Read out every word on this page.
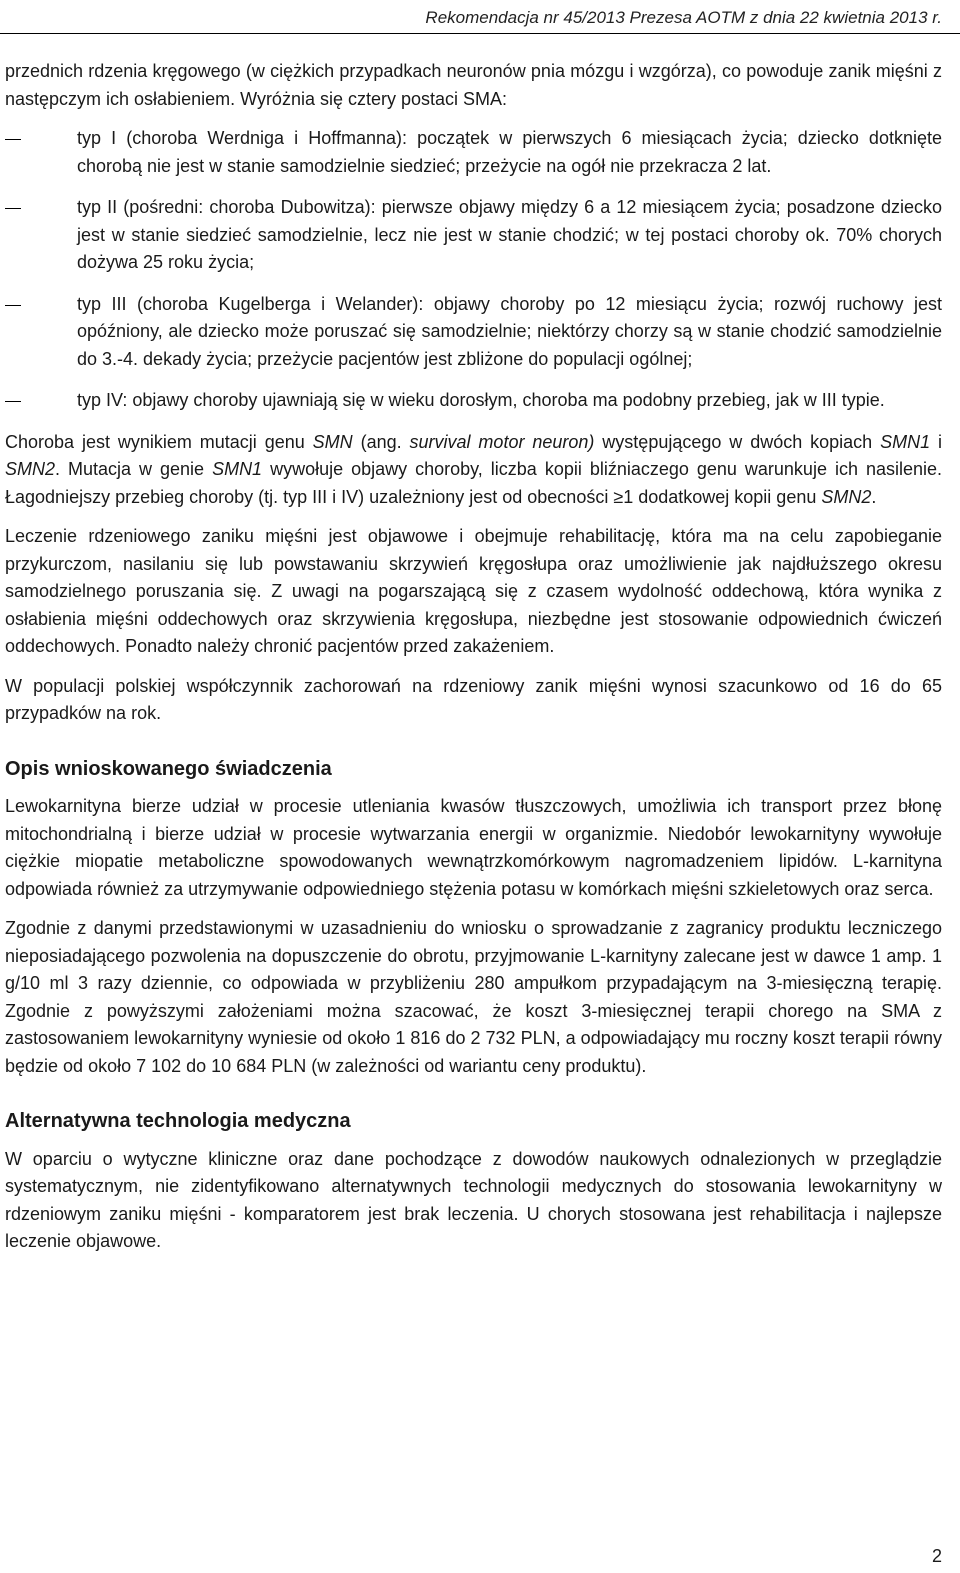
Rekomendacja nr 45/2013 Prezesa AOTM z dnia 22 kwietnia 2013 r.

przednich rdzenia kręgowego (w ciężkich przypadkach neuronów pnia mózgu i wzgórza), co powoduje zanik mięśni z następczym ich osłabieniem. Wyróżnia się cztery postaci SMA:

typ I (choroba Werdniga i Hoffmanna): początek w pierwszych 6 miesiącach życia; dziecko dotknięte chorobą nie jest w stanie samodzielnie siedzieć; przeżycie na ogół nie przekracza 2 lat.
typ II (pośredni: choroba Dubowitza): pierwsze objawy między 6 a 12 miesiącem życia; posadzone dziecko jest w stanie siedzieć samodzielnie, lecz nie jest w stanie chodzić; w tej postaci choroby ok. 70% chorych dożywa 25 roku życia;
typ III (choroba Kugelberga i Welander): objawy choroby po 12 miesiącu życia; rozwój ruchowy jest opóźniony, ale dziecko może poruszać się samodzielnie; niektórzy chorzy są w stanie chodzić samodzielnie do 3.-4. dekady życia; przeżycie pacjentów jest zbliżone do populacji ogólnej;
typ IV: objawy choroby ujawniają się w wieku dorosłym, choroba ma podobny przebieg, jak w III typie.

Choroba jest wynikiem mutacji genu SMN (ang. survival motor neuron) występującego w dwóch kopiach SMN1 i SMN2. Mutacja w genie SMN1 wywołuje objawy choroby, liczba kopii bliźniaczego genu warunkuje ich nasilenie. Łagodniejszy przebieg choroby (tj. typ III i IV) uzależniony jest od obecności ≥1 dodatkowej kopii genu SMN2.

Leczenie rdzeniowego zaniku mięśni jest objawowe i obejmuje rehabilitację, która ma na celu zapobieganie przykurczom, nasilaniu się lub powstawaniu skrzywień kręgosłupa oraz umożliwienie jak najdłuższego okresu samodzielnego poruszania się. Z uwagi na pogarszającą się z czasem wydolność oddechową, która wynika z osłabienia mięśni oddechowych oraz skrzywienia kręgosłupa, niezbędne jest stosowanie odpowiednich ćwiczeń oddechowych. Ponadto należy chronić pacjentów przed zakażeniem.

W populacji polskiej współczynnik zachorowań na rdzeniowy zanik mięśni wynosi szacunkowo od 16 do 65 przypadków na rok.

Opis wnioskowanego świadczenia

Lewokarnityna bierze udział w procesie utleniania kwasów tłuszczowych, umożliwia ich transport przez błonę mitochondrialną i bierze udział w procesie wytwarzania energii w organizmie. Niedobór lewokarnityny wywołuje ciężkie miopatie metaboliczne spowodowanych wewnątrzkomórkowym nagromadzeniem lipidów. L-karnityna odpowiada również za utrzymywanie odpowiedniego stężenia potasu w komórkach mięśni szkieletowych oraz serca.

Zgodnie z danymi przedstawionymi w uzasadnieniu do wniosku o sprowadzanie z zagranicy produktu leczniczego nieposiadającego pozwolenia na dopuszczenie do obrotu, przyjmowanie L-karnityny zalecane jest w dawce 1 amp. 1 g/10 ml 3 razy dziennie, co odpowiada w przybliżeniu 280 ampułkom przypadającym na 3-miesięczną terapię. Zgodnie z powyższymi założeniami można szacować, że koszt 3-miesięcznej terapii chorego na SMA z zastosowaniem lewokarnityny wyniesie od około 1 816 do 2 732 PLN, a odpowiadający mu roczny koszt terapii równy będzie od około 7 102 do 10 684 PLN (w zależności od wariantu ceny produktu).

Alternatywna technologia medyczna

W oparciu o wytyczne kliniczne oraz dane pochodzące z dowodów naukowych odnalezionych w przeglądzie systematycznym, nie zidentyfikowano alternatywnych technologii medycznych do stosowania lewokarnityny w rdzeniowym zaniku mięśni - komparatorem jest brak leczenia. U chorych stosowana jest rehabilitacja i najlepsze leczenie objawowe.

2
